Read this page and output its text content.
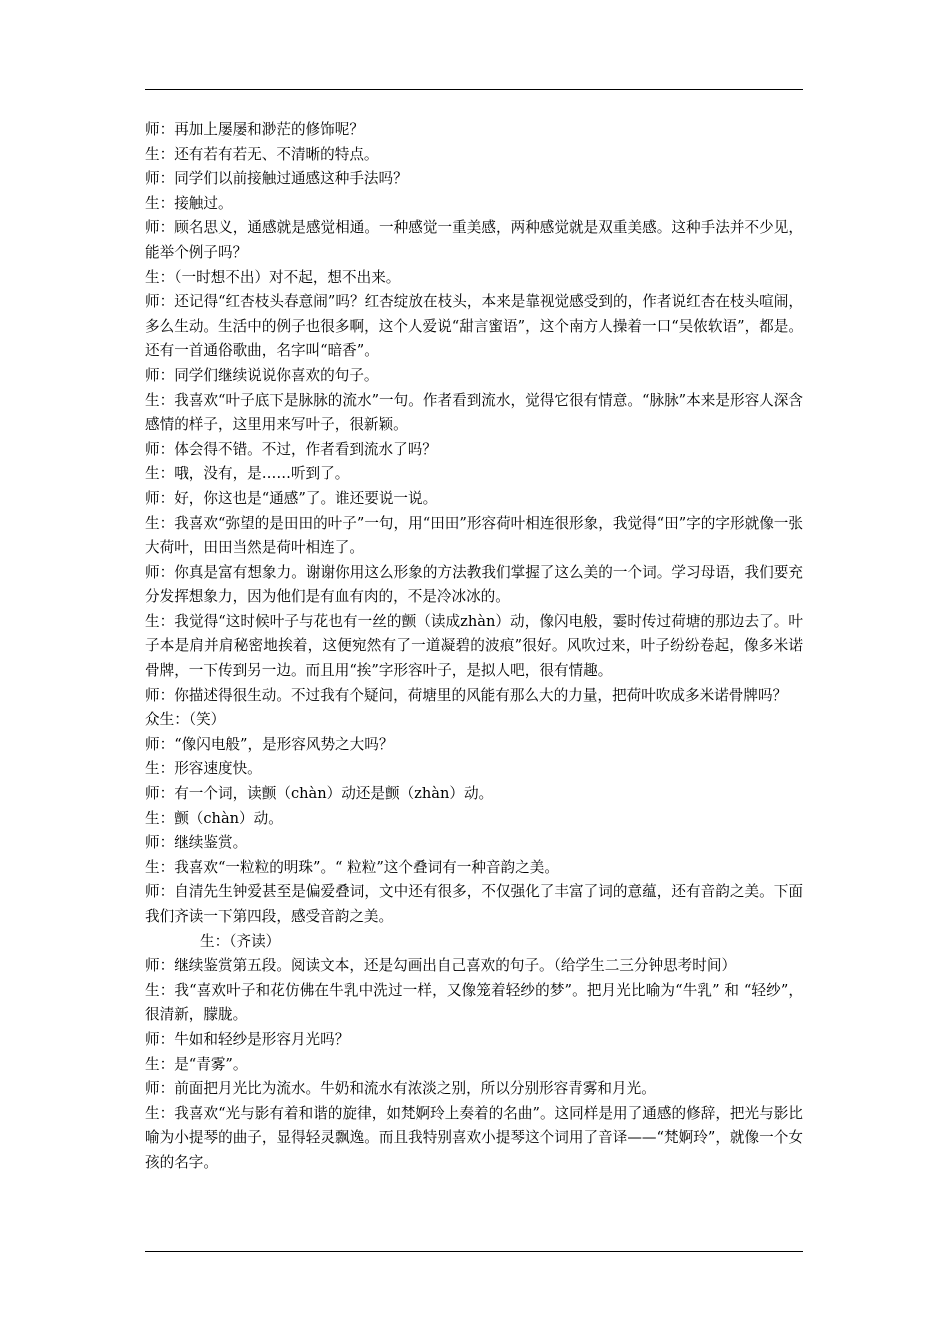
师：再加上屡屡和渺茫的修饰呢？

生：还有若有若无、不清晰的特点。

师：同学们以前接触过通感这种手法吗？

生：接触过。

师：顾名思义，通感就是感觉相通。一种感觉一重美感，两种感觉就是双重美感。这种手法并不少见，能举个例子吗？

生：（一时想不出）对不起，想不出来。

师：还记得“红杏枝头春意闹”吗？红杏绽放在枝头，本来是靠视觉感受到的，作者说红杏在枝头喧闹，多么生动。生活中的例子也很多啊，这个人爱说“甜言蜜语”，这个南方人操着一口“吴侬软语”，都是。还有一首通俗歌曲，名字叫“暗香”。

师：同学们继续说说你喜欢的句子。

生：我喜欢“叶子底下是脉脉的流水”一句。作者看到流水，觉得它很有情意。“脉脉”本来是形容人深含感情的样子，这里用来写叶子，很新颖。

师：体会得不错。不过，作者看到流水了吗？

生：哦，没有，是……听到了。

师：好，你这也是“通感”了。谁还要说一说。

生：我喜欢“弥望的是田田的叶子”一句，用“田田”形容荷叶相连很形象，我觉得“田”字的字形就像一张大荷叶，田田当然是荷叶相连了。

师：你真是富有想象力。谢谢你用这么形象的方法教我们掌握了这么美的一个词。学习母语，我们要充分发挥想象力，因为他们是有血有肉的，不是冷冰冰的。

生：我觉得“这时候叶子与花也有一丝的颤（读成zhàn）动，像闪电般，霎时传过荷塘的那边去了。叶子本是肩并肩秘密地挨着，这便宛然有了一道凝碧的波痕”很好。风吹过来，叶子纷纷卷起，像多米诺骨牌，一下传到另一边。而且用“挨”字形容叶子，是拟人吧，很有情趣。

师：你描述得很生动。不过我有个疑问，荷塘里的风能有那么大的力量，把荷叶吹成多米诺骨牌吗？

众生：（笑）

师：“像闪电般”，是形容风势之大吗？

生：形容速度快。

师：有一个词，读颤（chàn）动还是颤（zhàn）动。

生：颤（chàn）动。

师：继续鉴赏。

生：我喜欢“一粒粒的明珠”。“ 粒粒”这个叠词有一种音韵之美。

师：自清先生钟爱甚至是偏爱叠词，文中还有很多，不仅强化了丰富了词的意蕴，还有音韵之美。下面我们齐读一下第四段，感受音韵之美。

生：（齐读）

师：继续鉴赏第五段。阅读文本，还是勾画出自己喜欢的句子。（给学生二三分钟思考时间）

生：我“喜欢叶子和花仿佛在牛乳中洗过一样，又像笼着轻纱的梦”。把月光比喻为“牛乳” 和 “轻纱”，很清新，朦胧。

师：牛如和轻纱是形容月光吗？

生：是“青雾”。

师：前面把月光比为流水。牛奶和流水有浓淡之别，所以分别形容青雾和月光。

生：我喜欢“光与影有着和谐的旋律，如梵婀玲上奏着的名曲”。这同样是用了通感的修辞，把光与影比喻为小提琴的曲子，显得轻灵飘逸。而且我特别喜欢小提琴这个词用了音译——“梵婀玲”，就像一个女孩的名字。
